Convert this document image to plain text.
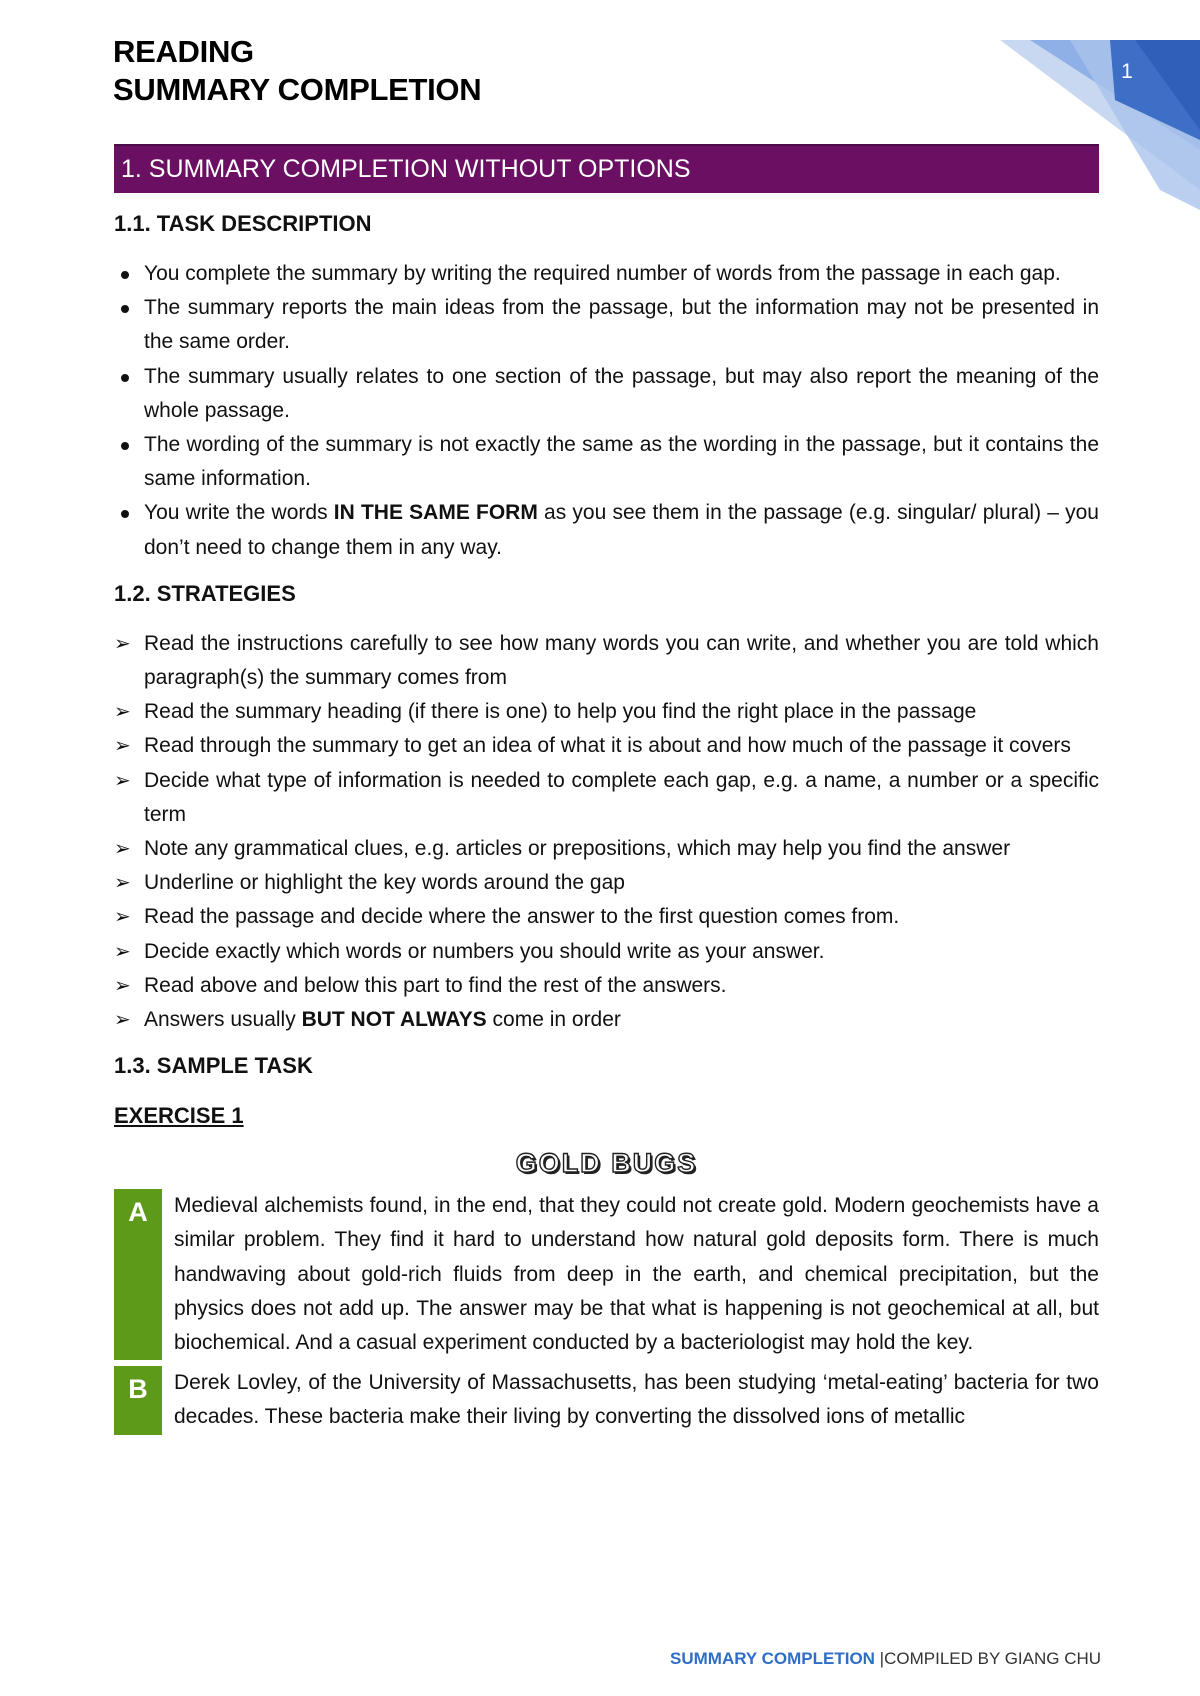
1
READING
SUMMARY COMPLETION
1. SUMMARY COMPLETION WITHOUT OPTIONS
1.1. TASK DESCRIPTION
You complete the summary by writing the required number of words from the passage in each gap.
The summary reports the main ideas from the passage, but the information may not be presented in the same order.
The summary usually relates to one section of the passage, but may also report the meaning of the whole passage.
The wording of the summary is not exactly the same as the wording in the passage, but it contains the same information.
You write the words IN THE SAME FORM as you see them in the passage (e.g. singular/ plural) – you don’t need to change them in any way.
1.2. STRATEGIES
➢ Read the instructions carefully to see how many words you can write, and whether you are told which paragraph(s) the summary comes from
➢ Read the summary heading (if there is one) to help you find the right place in the passage
➢ Read through the summary to get an idea of what it is about and how much of the passage it covers
➢ Decide what type of information is needed to complete each gap, e.g. a name, a number or a specific term
➢ Note any grammatical clues, e.g. articles or prepositions, which may help you find the answer
➢ Underline or highlight the key words around the gap
➢ Read the passage and decide where the answer to the first question comes from.
➢ Decide exactly which words or numbers you should write as your answer.
➢ Read above and below this part to find the rest of the answers.
➢ Answers usually BUT NOT ALWAYS come in order
1.3. SAMPLE TASK
EXERCISE 1
GOLD BUGS
A	Medieval alchemists found, in the end, that they could not create gold. Modern geochemists have a similar problem. They find it hard to understand how natural gold deposits form. There is much handwaving about gold-rich fluids from deep in the earth, and chemical precipitation, but the physics does not add up. The answer may be that what is happening is not geochemical at all, but biochemical. And a casual experiment conducted by a bacteriologist may hold the key.
B	Derek Lovley, of the University of Massachusetts, has been studying ‘metal-eating’ bacteria for two decades. These bacteria make their living by converting the dissolved ions of metallic
SUMMARY COMPLETION |COMPILED BY GIANG CHU
